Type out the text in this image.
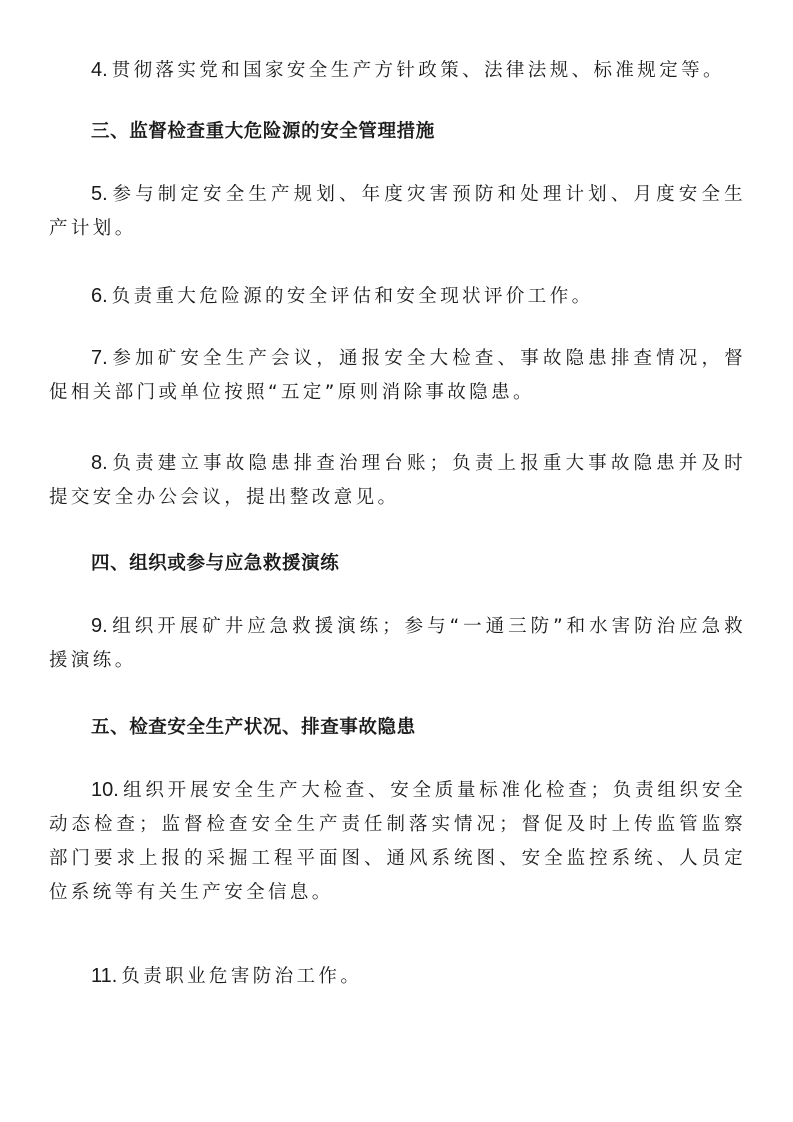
4. 贯彻落实党和国家安全生产方针政策、法律法规、标准规定等。

三、监督检查重大危险源的安全管理措施

5. 参与制定安全生产规划、年度灾害预防和处理计划、月度安全生产计划。

6. 负责重大危险源的安全评估和安全现状评价工作。

7. 参加矿安全生产会议，通报安全大检查、事故隐患排查情况，督促相关部门或单位按照“五定”原则消除事故隐患。

8. 负责建立事故隐患排查治理台账；负责上报重大事故隐患并及时提交安全办公会议，提出整改意见。

四、组织或参与应急救援演练

9. 组织开展矿井应急救援演练；参与“一通三防”和水害防治应急救援演练。

五、检查安全生产状况、排查事故隐患

10. 组织开展安全生产大检查、安全质量标准化检查；负责组织安全动态检查；监督检查安全生产责任制落实情况；督促及时上传监管监察部门要求上报的采掘工程平面图、通风系统图、安全监控系统、人员定位系统等有关生产安全信息。

11. 负责职业危害防治工作。
